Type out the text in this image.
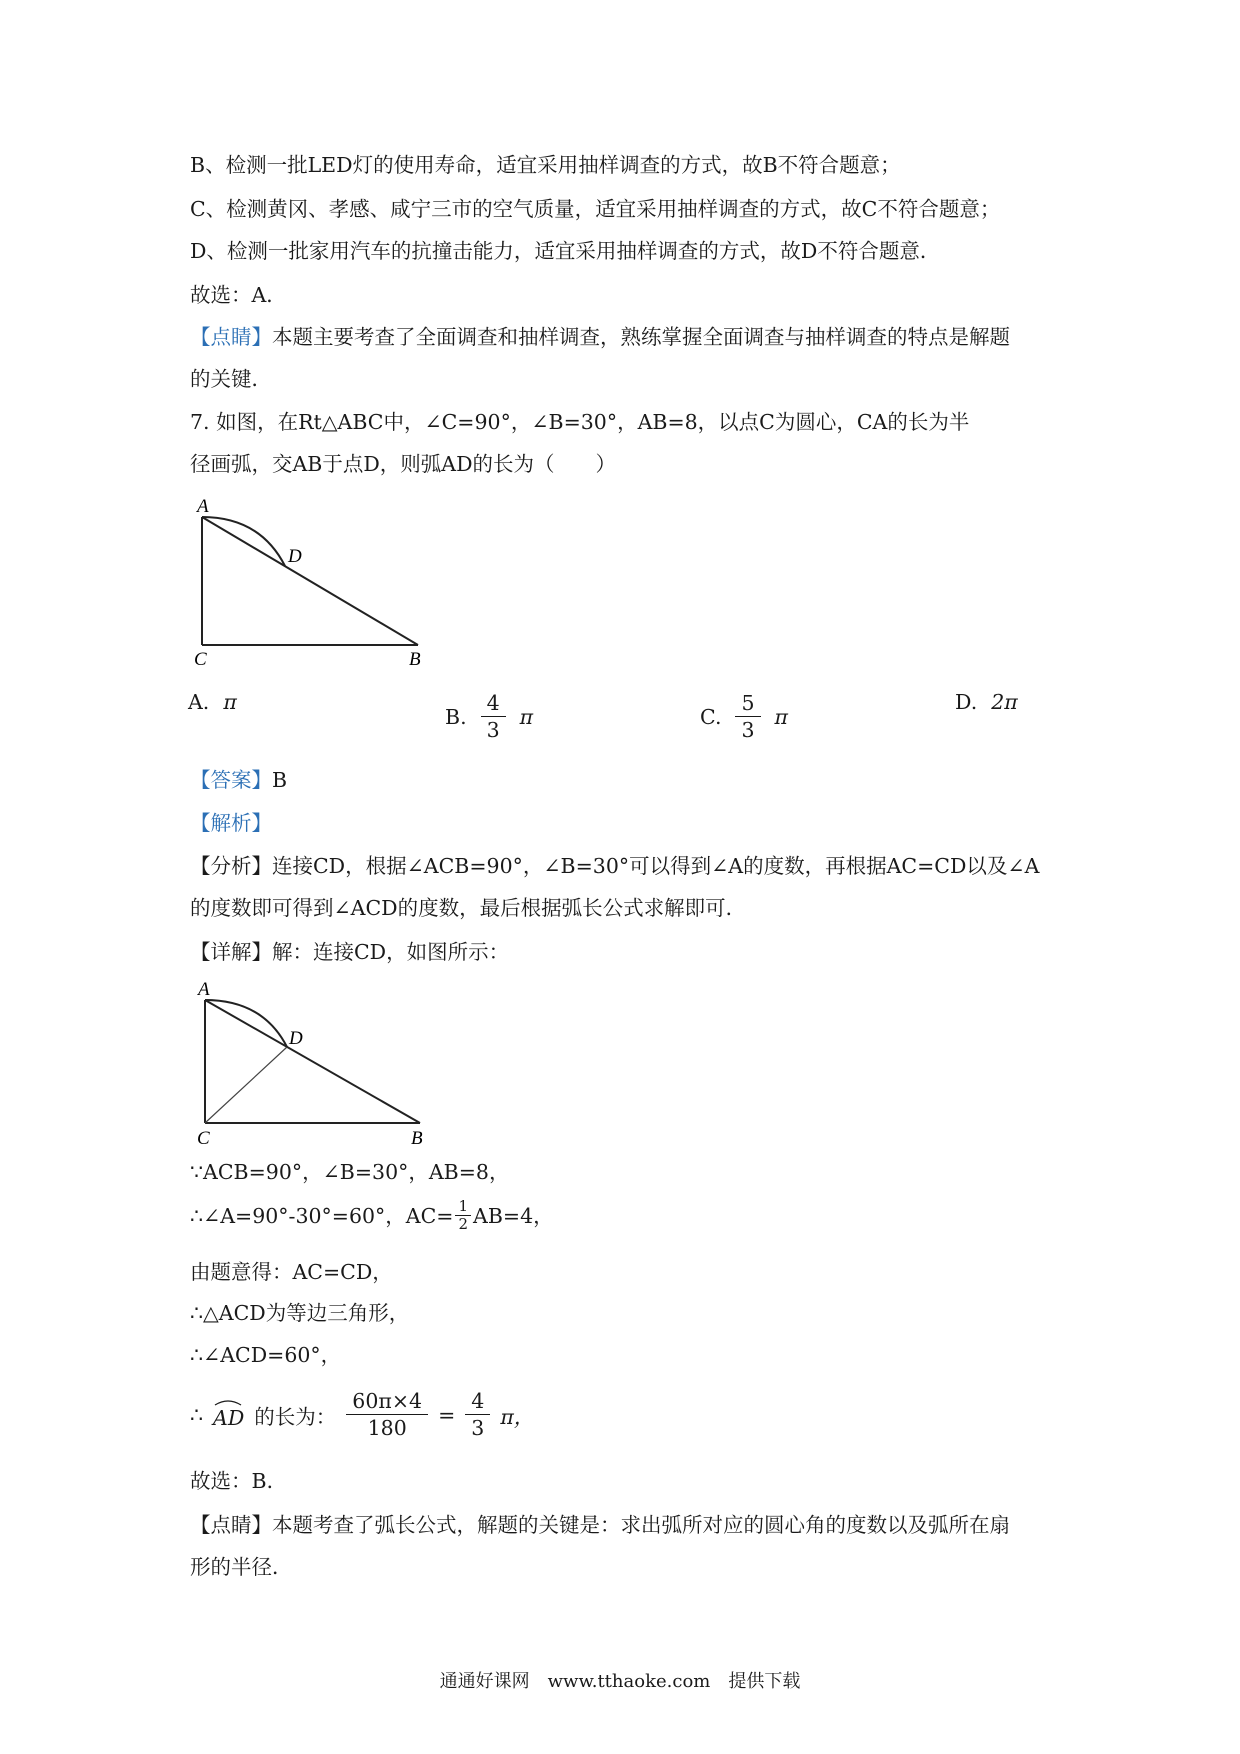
B、检测一批LED灯的使用寿命，适宜采用抽样调查的方式，故B不符合题意；
C、检测黄冈、孝感、咸宁三市的空气质量，适宜采用抽样调查的方式，故C不符合题意；
D、检测一批家用汽车的抗撞击能力，适宜采用抽样调查的方式，故D不符合题意．
故选：A．
【点睛】本题主要考查了全面调查和抽样调查，熟练掌握全面调查与抽样调查的特点是解题
的关键．
7. 如图，在Rt△ABC中，∠C=90°，∠B=30°，AB=8，以点C为圆心，CA的长为半
径画弧，交AB于点D，则弧AD的长为（　　）
A
D
C	B
A. π
B. $\frac{4}{3}$ π	C. $\frac{5}{3}$ π
D. 2π
【答案】B
【解析】
【分析】连接CD，根据∠ACB=90°，∠B=30°可以得到∠A的度数，再根据AC=CD以及∠A
的度数即可得到∠ACD的度数，最后根据弧长公式求解即可．
【详解】解：连接CD，如图所示：
A
D
C	B
∵ACB=90°，∠B=30°，AB=8，
∴∠A=90°-30°=60°，$AC= \frac{1}{2} AB=4$，
由题意得：AC=CD，
∴△ACD为等边三角形，
∴∠ACD=60°，
∴ AD 的长为： $\frac{60\pi\times 4}{180} = \frac{4}{3}$ π，
故选：B．
【点睛】本题考查了弧长公式，解题的关键是：求出弧所对应的圆心角的度数以及弧所在扇
形的半径．
通通好课网　www.tthaoke.com　提供下载
